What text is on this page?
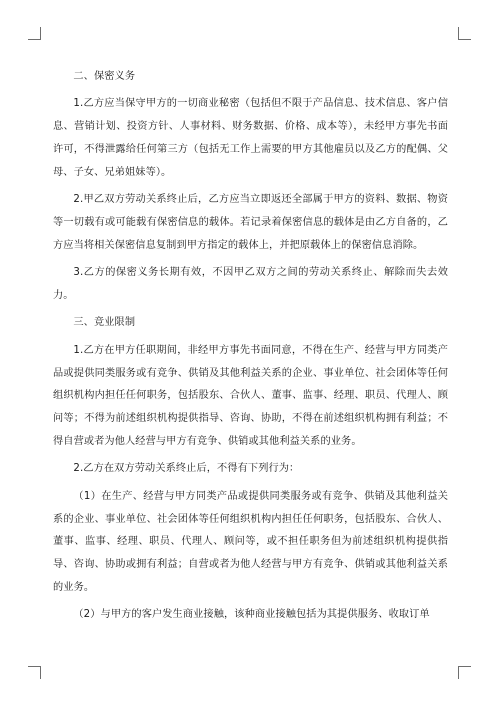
二、保密义务

1.乙方应当保守甲方的一切商业秘密（包括但不限于产品信息、技术信息、客户信息、营销计划、投资方针、人事材料、财务数据、价格、成本等），未经甲方事先书面许可，不得泄露给任何第三方（包括无工作上需要的甲方其他雇员以及乙方的配偶、父母、子女、兄弟姐妹等）。

2.甲乙双方劳动关系终止后，乙方应当立即返还全部属于甲方的资料、数据、物资等一切载有或可能载有保密信息的载体。若记录着保密信息的载体是由乙方自备的，乙方应当将相关保密信息复制到甲方指定的载体上，并把原载体上的保密信息消除。

3.乙方的保密义务长期有效，不因甲乙双方之间的劳动关系终止、解除而失去效力。

三、竞业限制

1.乙方在甲方任职期间，非经甲方事先书面同意，不得在生产、经营与甲方同类产品或提供同类服务或有竞争、供销及其他利益关系的企业、事业单位、社会团体等任何组织机构内担任任何职务，包括股东、合伙人、董事、监事、经理、职员、代理人、顾问等；不得为前述组织机构提供指导、咨询、协助，不得在前述组织机构拥有利益；不得自营或者为他人经营与甲方有竞争、供销或其他利益关系的业务。

2.乙方在双方劳动关系终止后，不得有下列行为：

（1）在生产、经营与甲方同类产品或提供同类服务或有竞争、供销及其他利益关系的企业、事业单位、社会团体等任何组织机构内担任任何职务，包括股东、合伙人、董事、监事、经理、职员、代理人、顾问等，或不担任职务但为前述组织机构提供指导、咨询、协助或拥有利益；自营或者为他人经营与甲方有竞争、供销或其他利益关系的业务。

（2）与甲方的客户发生商业接触，该种商业接触包括为其提供服务、收取订单
